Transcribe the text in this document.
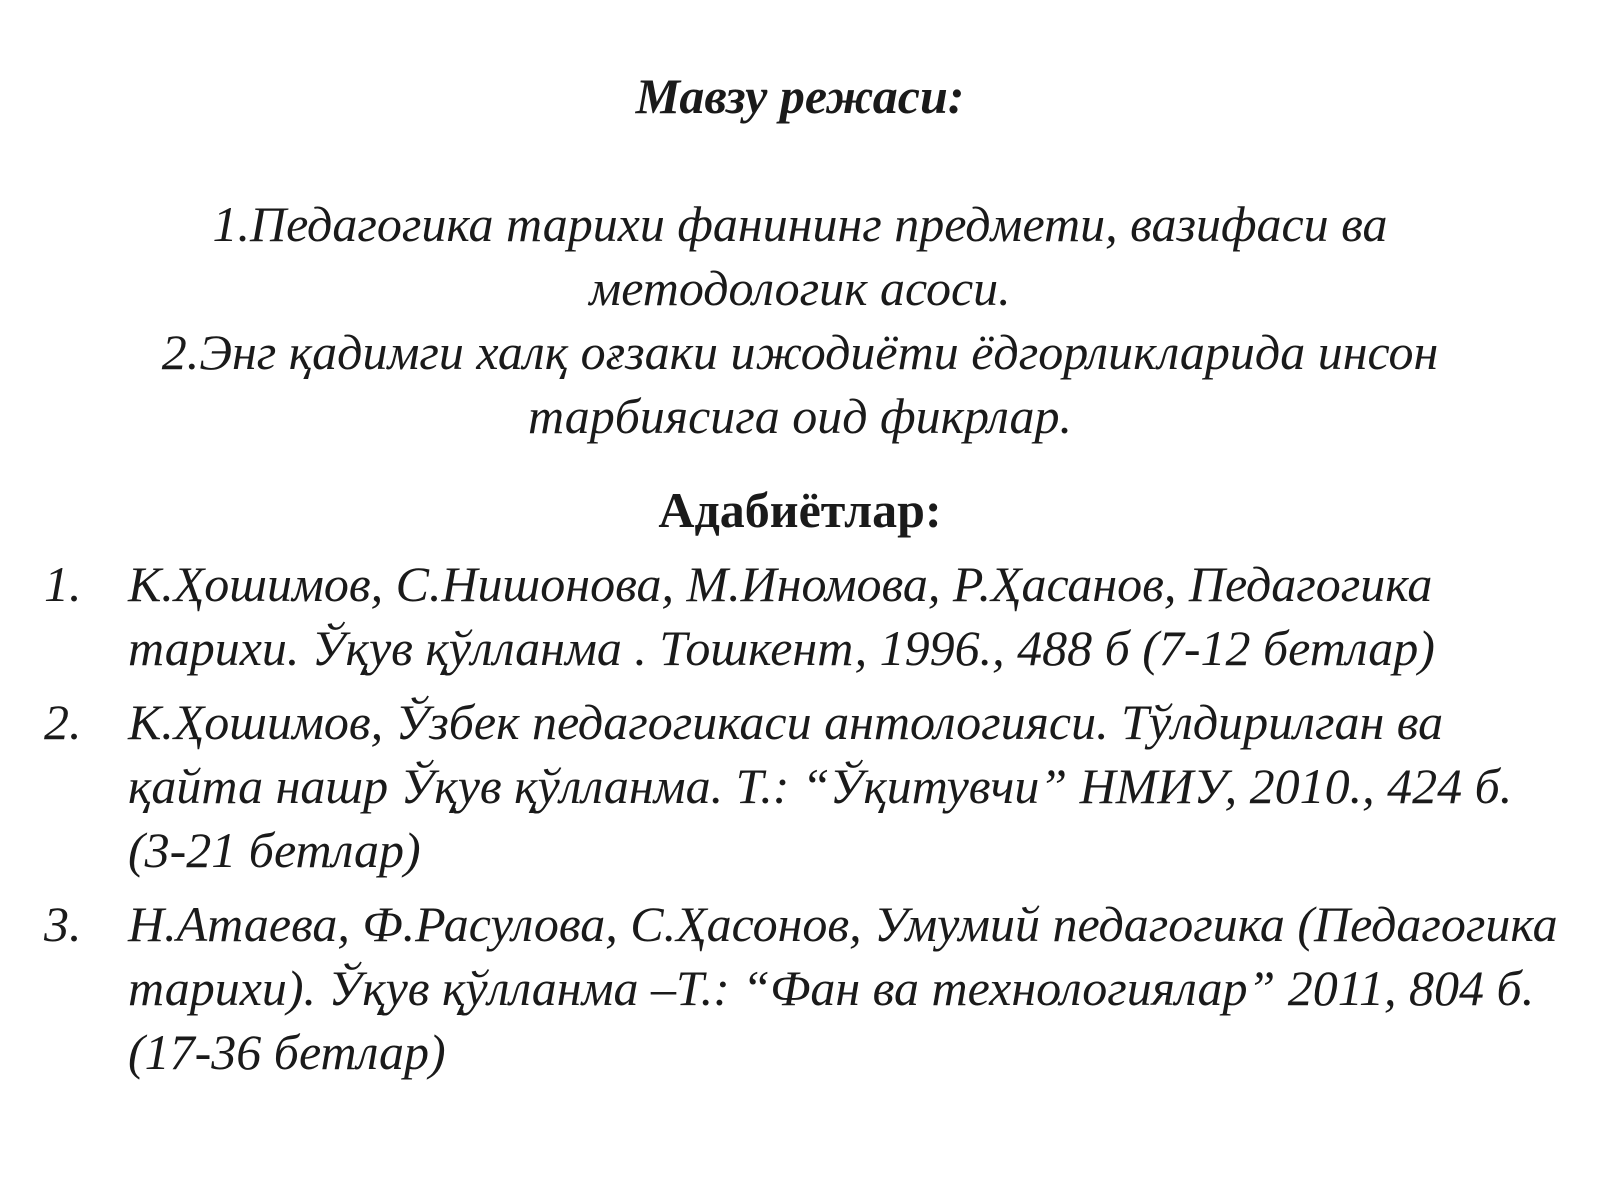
Мавзу режаси:
1.Педагогика тарихи фанининг предмети, вазифаси ва методологик асоси.
2.Энг қадимги халқ оғзаки ижодиёти ёдгорликларида инсон тарбиясига оид фикрлар.
Адабиётлар:
1. К.Ҳошимов, С.Нишонова, М.Иномова, Р.Ҳасанов, Педагогика тарихи. Ўқув қўлланма . Тошкент, 1996., 488 б (7-12 бетлар)
2. К.Ҳошимов, Ўзбек педагогикаси антологияси. Тўлдирилган ва қайта нашр Ўқув қўлланма. Т.: “Ўқитувчи” НМИУ, 2010., 424 б. (3-21 бетлар)
3. Н.Атаева, Ф.Расулова, С.Ҳасонов, Умумий педагогика (Педагогика тарихи). Ўқув қўлланма –Т.: “Фан ва технологиялар” 2011, 804 б. (17-36 бетлар)
